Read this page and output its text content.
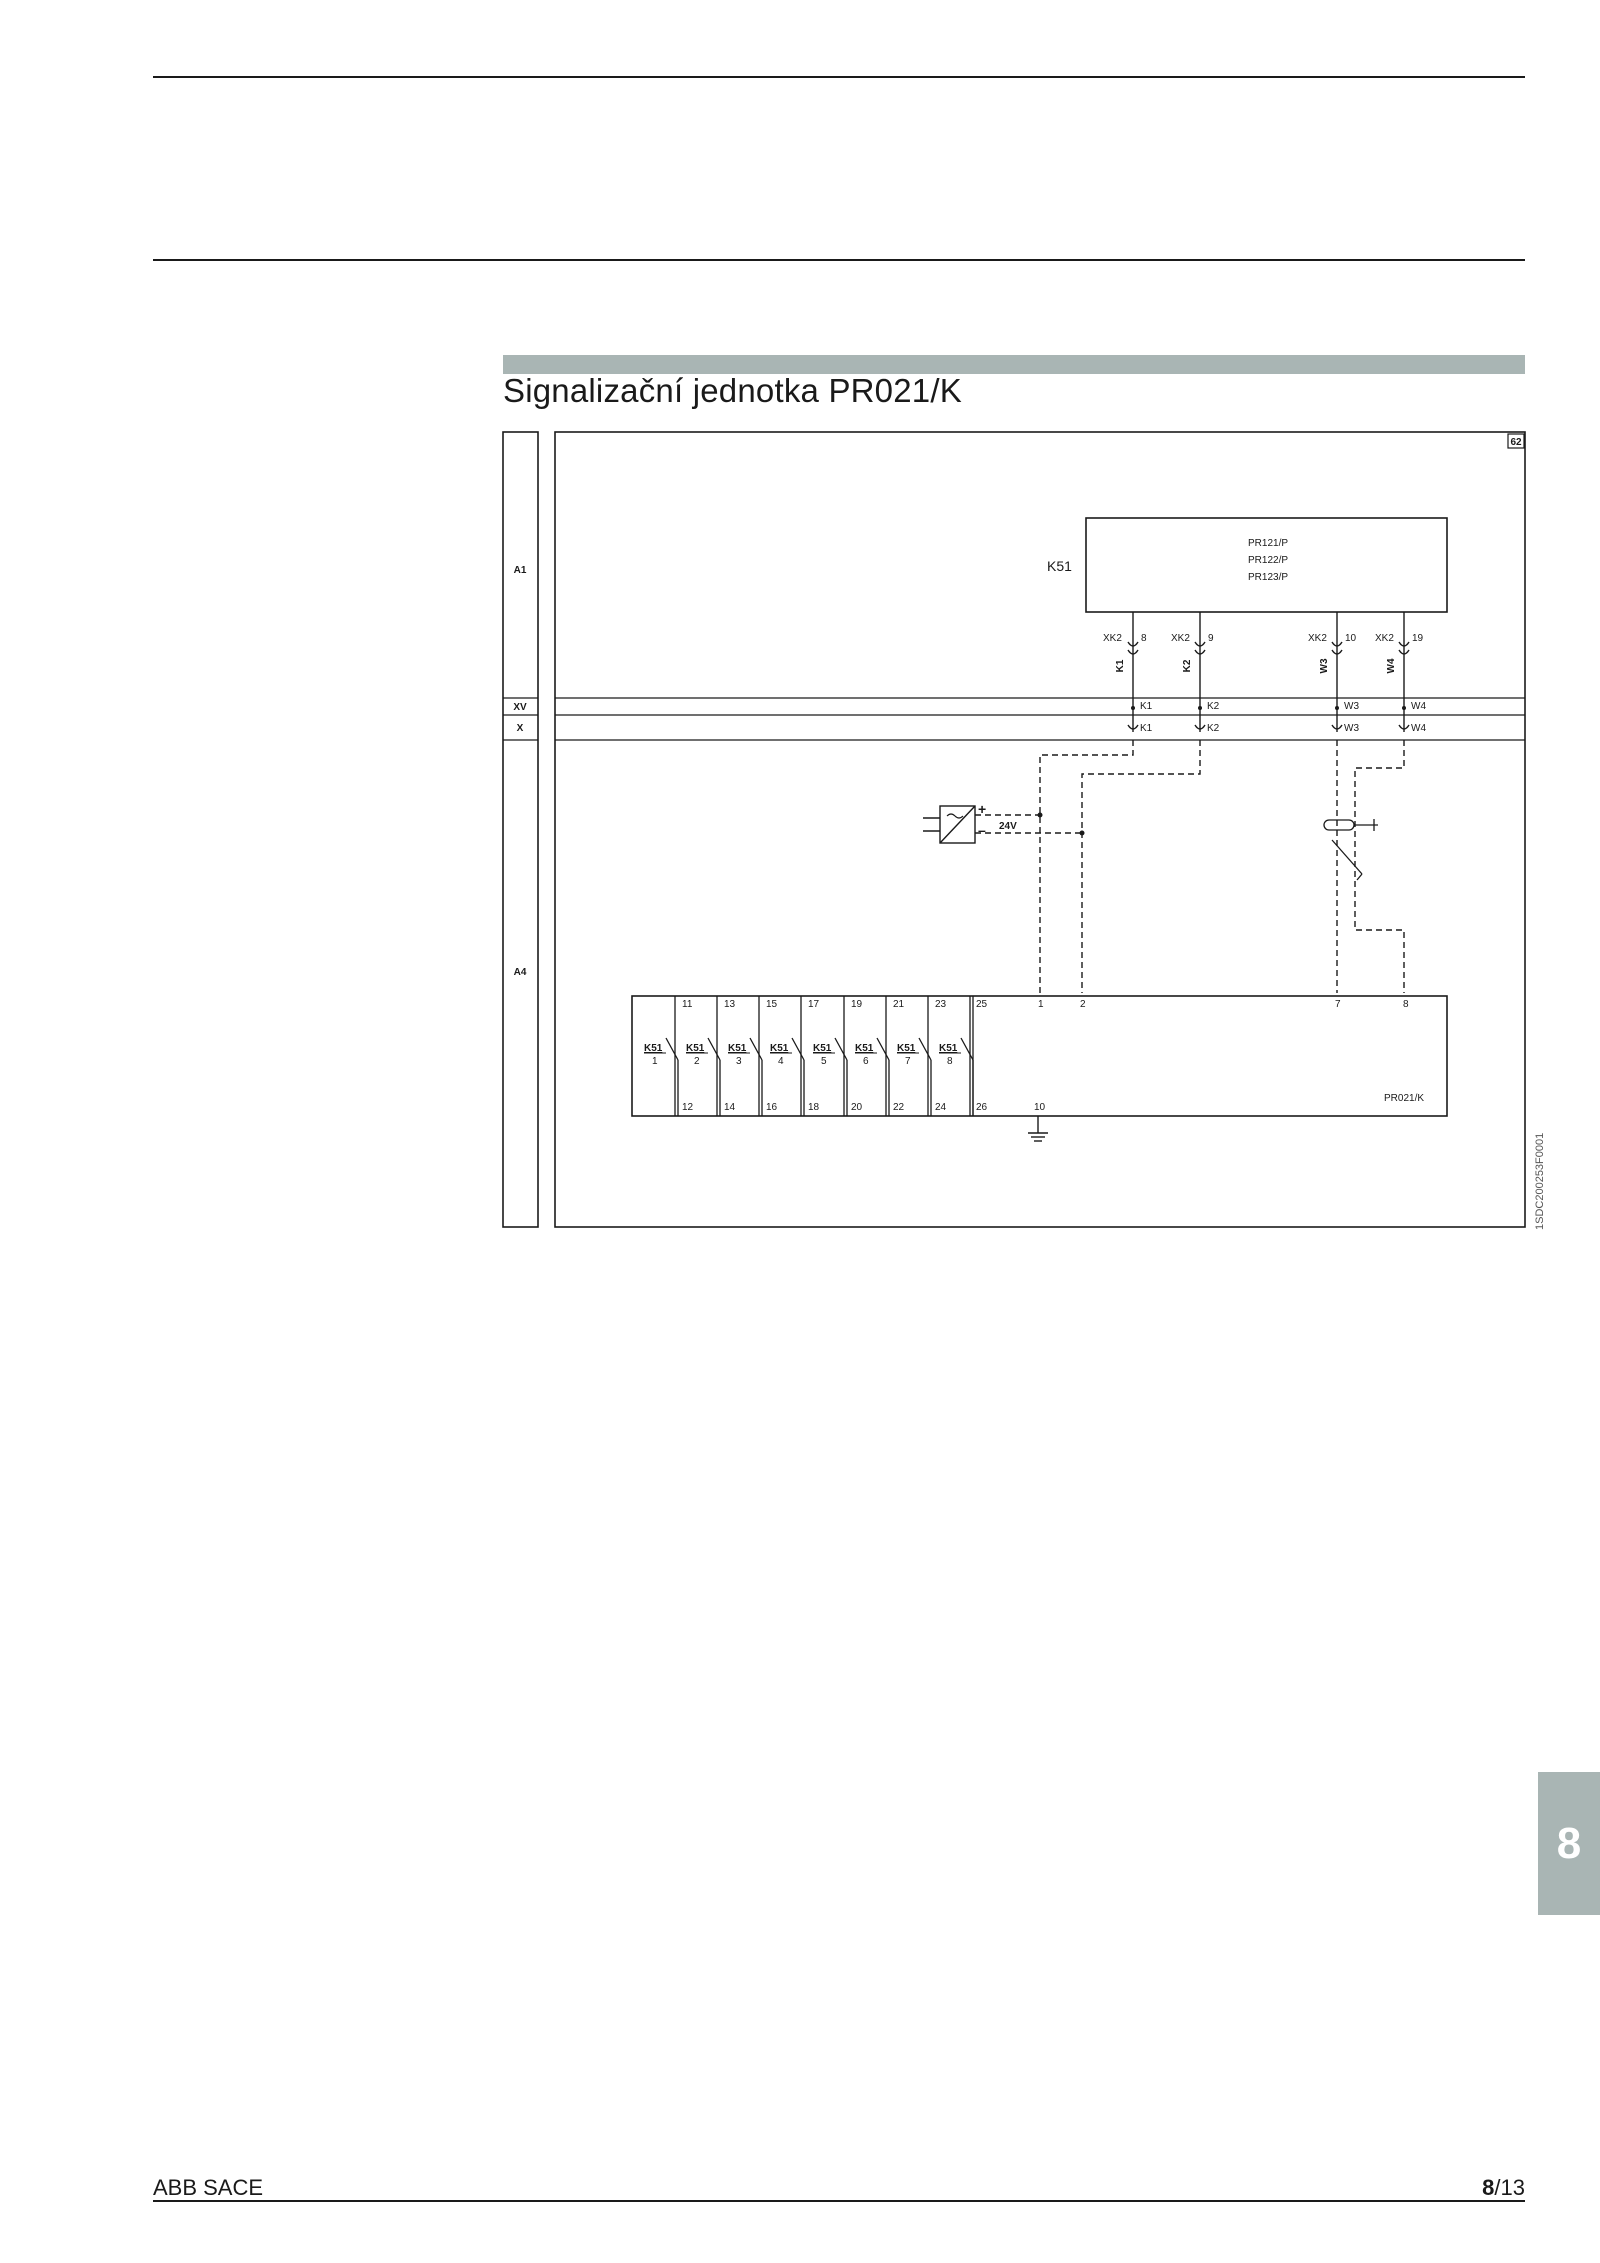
Signalizační jednotka PR021/K
62
A1
XV
X
A4
K51
PR121/P
PR122/P
PR123/P
XK2 8 XK2 9	XK2 10 XK2 19
K1	K2	W3	W4
K1	K2	W3	W4
K1	K2	W3	W4
+
– 24V
K51
1
K51
2
K51
3
K51
4
K51
5
K51
6
K51
7
K51
8
PR021/K
11	13	15	17	19	21	23	25	1	2	7	8
12	14	16	18	20	22	24	26	10
1SDC200253F0001
8
ABB SACE	8/13
